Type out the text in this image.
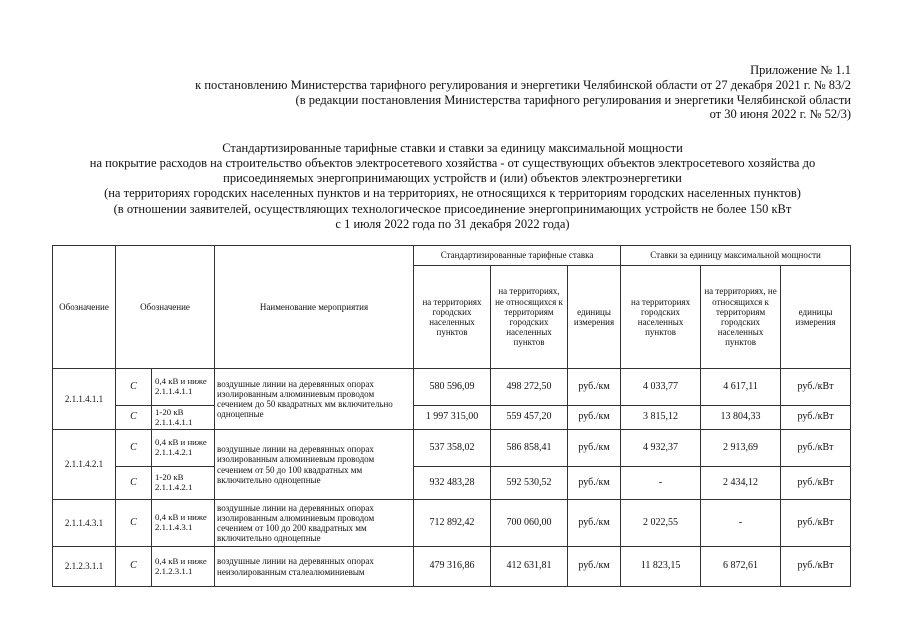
Приложение № 1.1
к постановлению Министерства тарифного регулирования и энергетики Челябинской области от 27 декабря 2021 г. № 83/2
(в редакции постановления Министерства тарифного регулирования и энергетики Челябинской области
от 30 июня 2022 г. № 52/3)
Стандартизированные тарифные ставки и ставки за единицу максимальной мощности
на покрытие расходов на строительство объектов электросетевого хозяйства - от существующих объектов электросетевого хозяйства до
присоединяемых энергопринимающих устройств и (или) объектов электроэнергетики
(на территориях городских населенных пунктов и на территориях, не относящихся к территориям городских населенных пунктов)
(в отношении заявителей, осуществляющих технологическое присоединение энергопринимающих устройств не более 150 кВт
с 1 июля 2022 года по 31 декабря 2022 года)
Обозначение	Обозначение		Наименование мероприятия	Стандартизированные тарифные ставка			Ставки за единицу максимальной мощности		
				на территориях городских населенных пунктов	на территориях, не относящихся к территориям городских населенных пунктов	единицы измерения	на территориях городских населенных пунктов	на территориях, не относящихся к территориям городских населенных пунктов	единицы измерения
2.1.1.4.1.1	C	0,4 кВ и ниже 2.1.1.4.1.1	воздушные линии на деревянных опорах изолированным алюминиевым проводом сечением до 50 квадратных мм включительно одноцепные	580 596,09	498 272,50	руб./км	4 033,77	4 617,11	руб./кВт
	C	1-20 кВ 2.1.1.4.1.1		1 997 315,00	559 457,20	руб./км	3 815,12	13 804,33	руб./кВт
2.1.1.4.2.1	C	0,4 кВ и ниже 2.1.1.4.2.1	воздушные линии на деревянных опорах изолированным алюминиевым проводом сечением от 50 до 100 квадратных мм включительно одноцепные	537 358,02	586 858,41	руб./км	4 932,37	2 913,69	руб./кВт
	C	1-20 кВ 2.1.1.4.2.1		932 483,28	592 530,52	руб./км	-	2 434,12	руб./кВт
2.1.1.4.3.1	C	0,4 кВ и ниже 2.1.1.4.3.1	воздушные линии на деревянных опорах изолированным алюминиевым проводом сечением от 100 до 200 квадратных мм включительно одноцепные	712 892,42	700 060,00	руб./км	2 022,55	-	руб./кВт
2.1.2.3.1.1	C	0,4 кВ и ниже 2.1.2.3.1.1	воздушные линии на деревянных опорах неизолированным сталеалюминиевым	479 316,86	412 631,81	руб./км	11 823,15	6 872,61	руб./кВт
